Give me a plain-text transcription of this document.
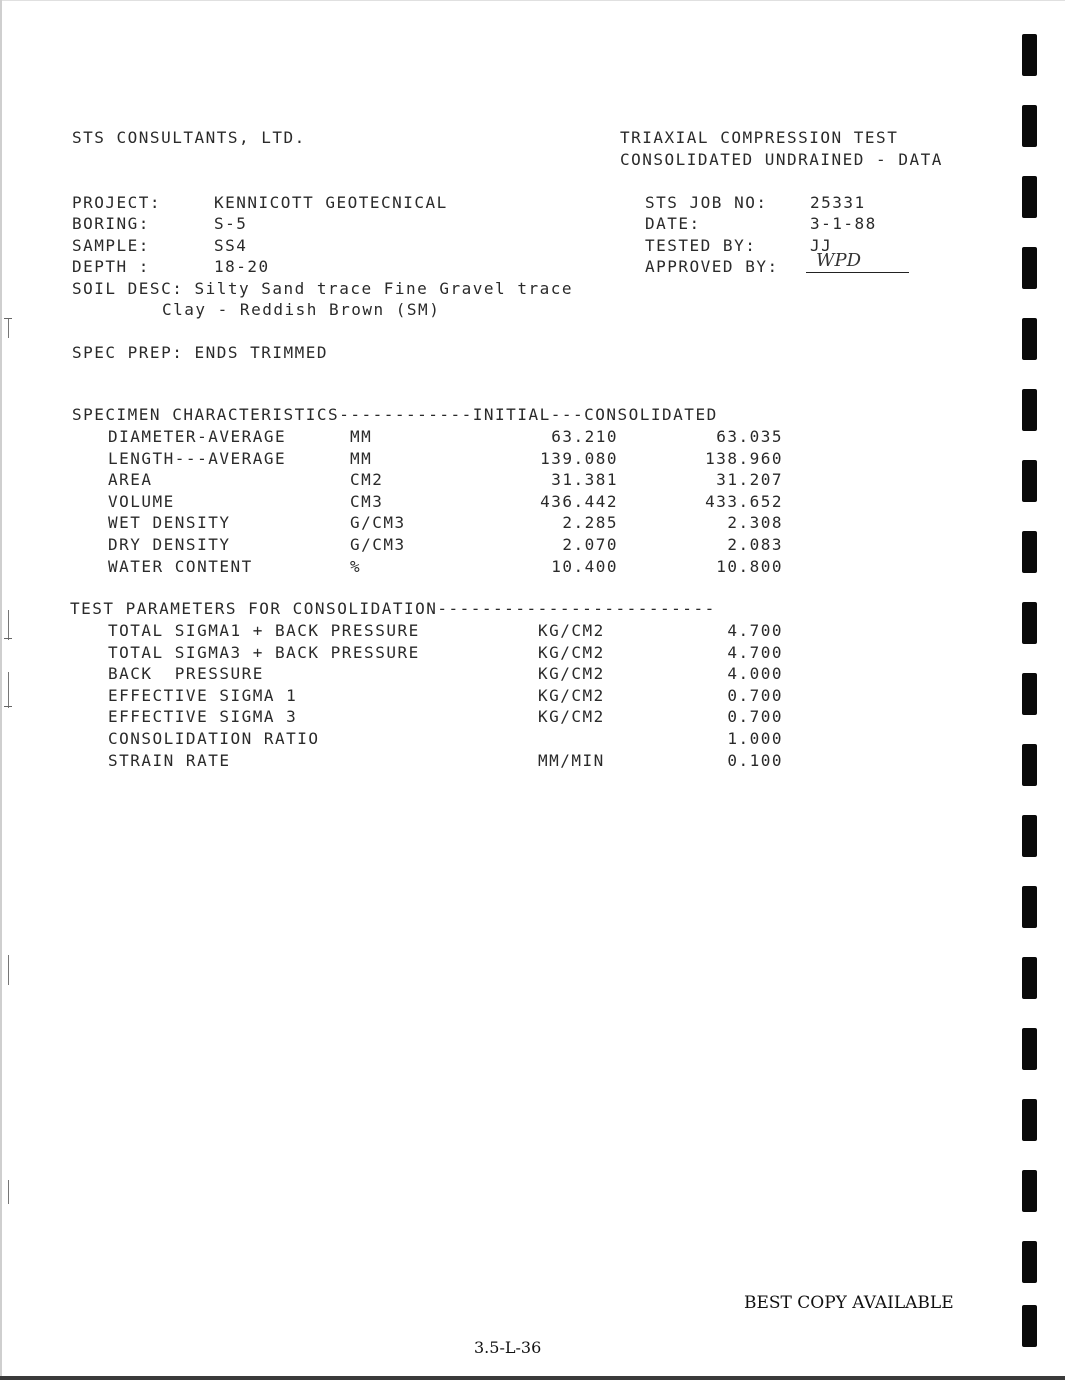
STS CONSULTANTS, LTD.	TRIAXIAL COMPRESSION TEST
CONSOLIDATED UNDRAINED - DATA
PROJECT:	KENNICOTT GEOTECNICAL
BORING:	S-5
SAMPLE:	SS4
DEPTH :	18-20
SOIL DESC: Silty Sand trace Fine Gravel trace
Clay - Reddish Brown (SM)
STS JOB NO:	25331
DATE:	3-1-88
TESTED BY:	JJ
APPROVED BY: WPD
SPEC PREP: ENDS TRIMMED
SPECIMEN CHARACTERISTICS------------INITIAL---CONSOLIDATED
DIAMETER-AVERAGE	MM	63.210	63.035
LENGTH---AVERAGE	MM	139.080	138.960
AREA	CM2	31.381	31.207
VOLUME	CM3	436.442	433.652
WET DENSITY	G/CM3	2.285	2.308
DRY DENSITY	G/CM3	2.070	2.083
WATER CONTENT	%	10.400	10.800
TEST PARAMETERS FOR CONSOLIDATION-------------------------
TOTAL SIGMA1 + BACK PRESSURE	KG/CM2	4.700
TOTAL SIGMA3 + BACK PRESSURE	KG/CM2	4.700
BACK  PRESSURE	KG/CM2	4.000
EFFECTIVE SIGMA 1	KG/CM2	0.700
EFFECTIVE SIGMA 3	KG/CM2	0.700
CONSOLIDATION RATIO	1.000
STRAIN RATE	MM/MIN	0.100
BEST COPY AVAILABLE
3.5-L-36
